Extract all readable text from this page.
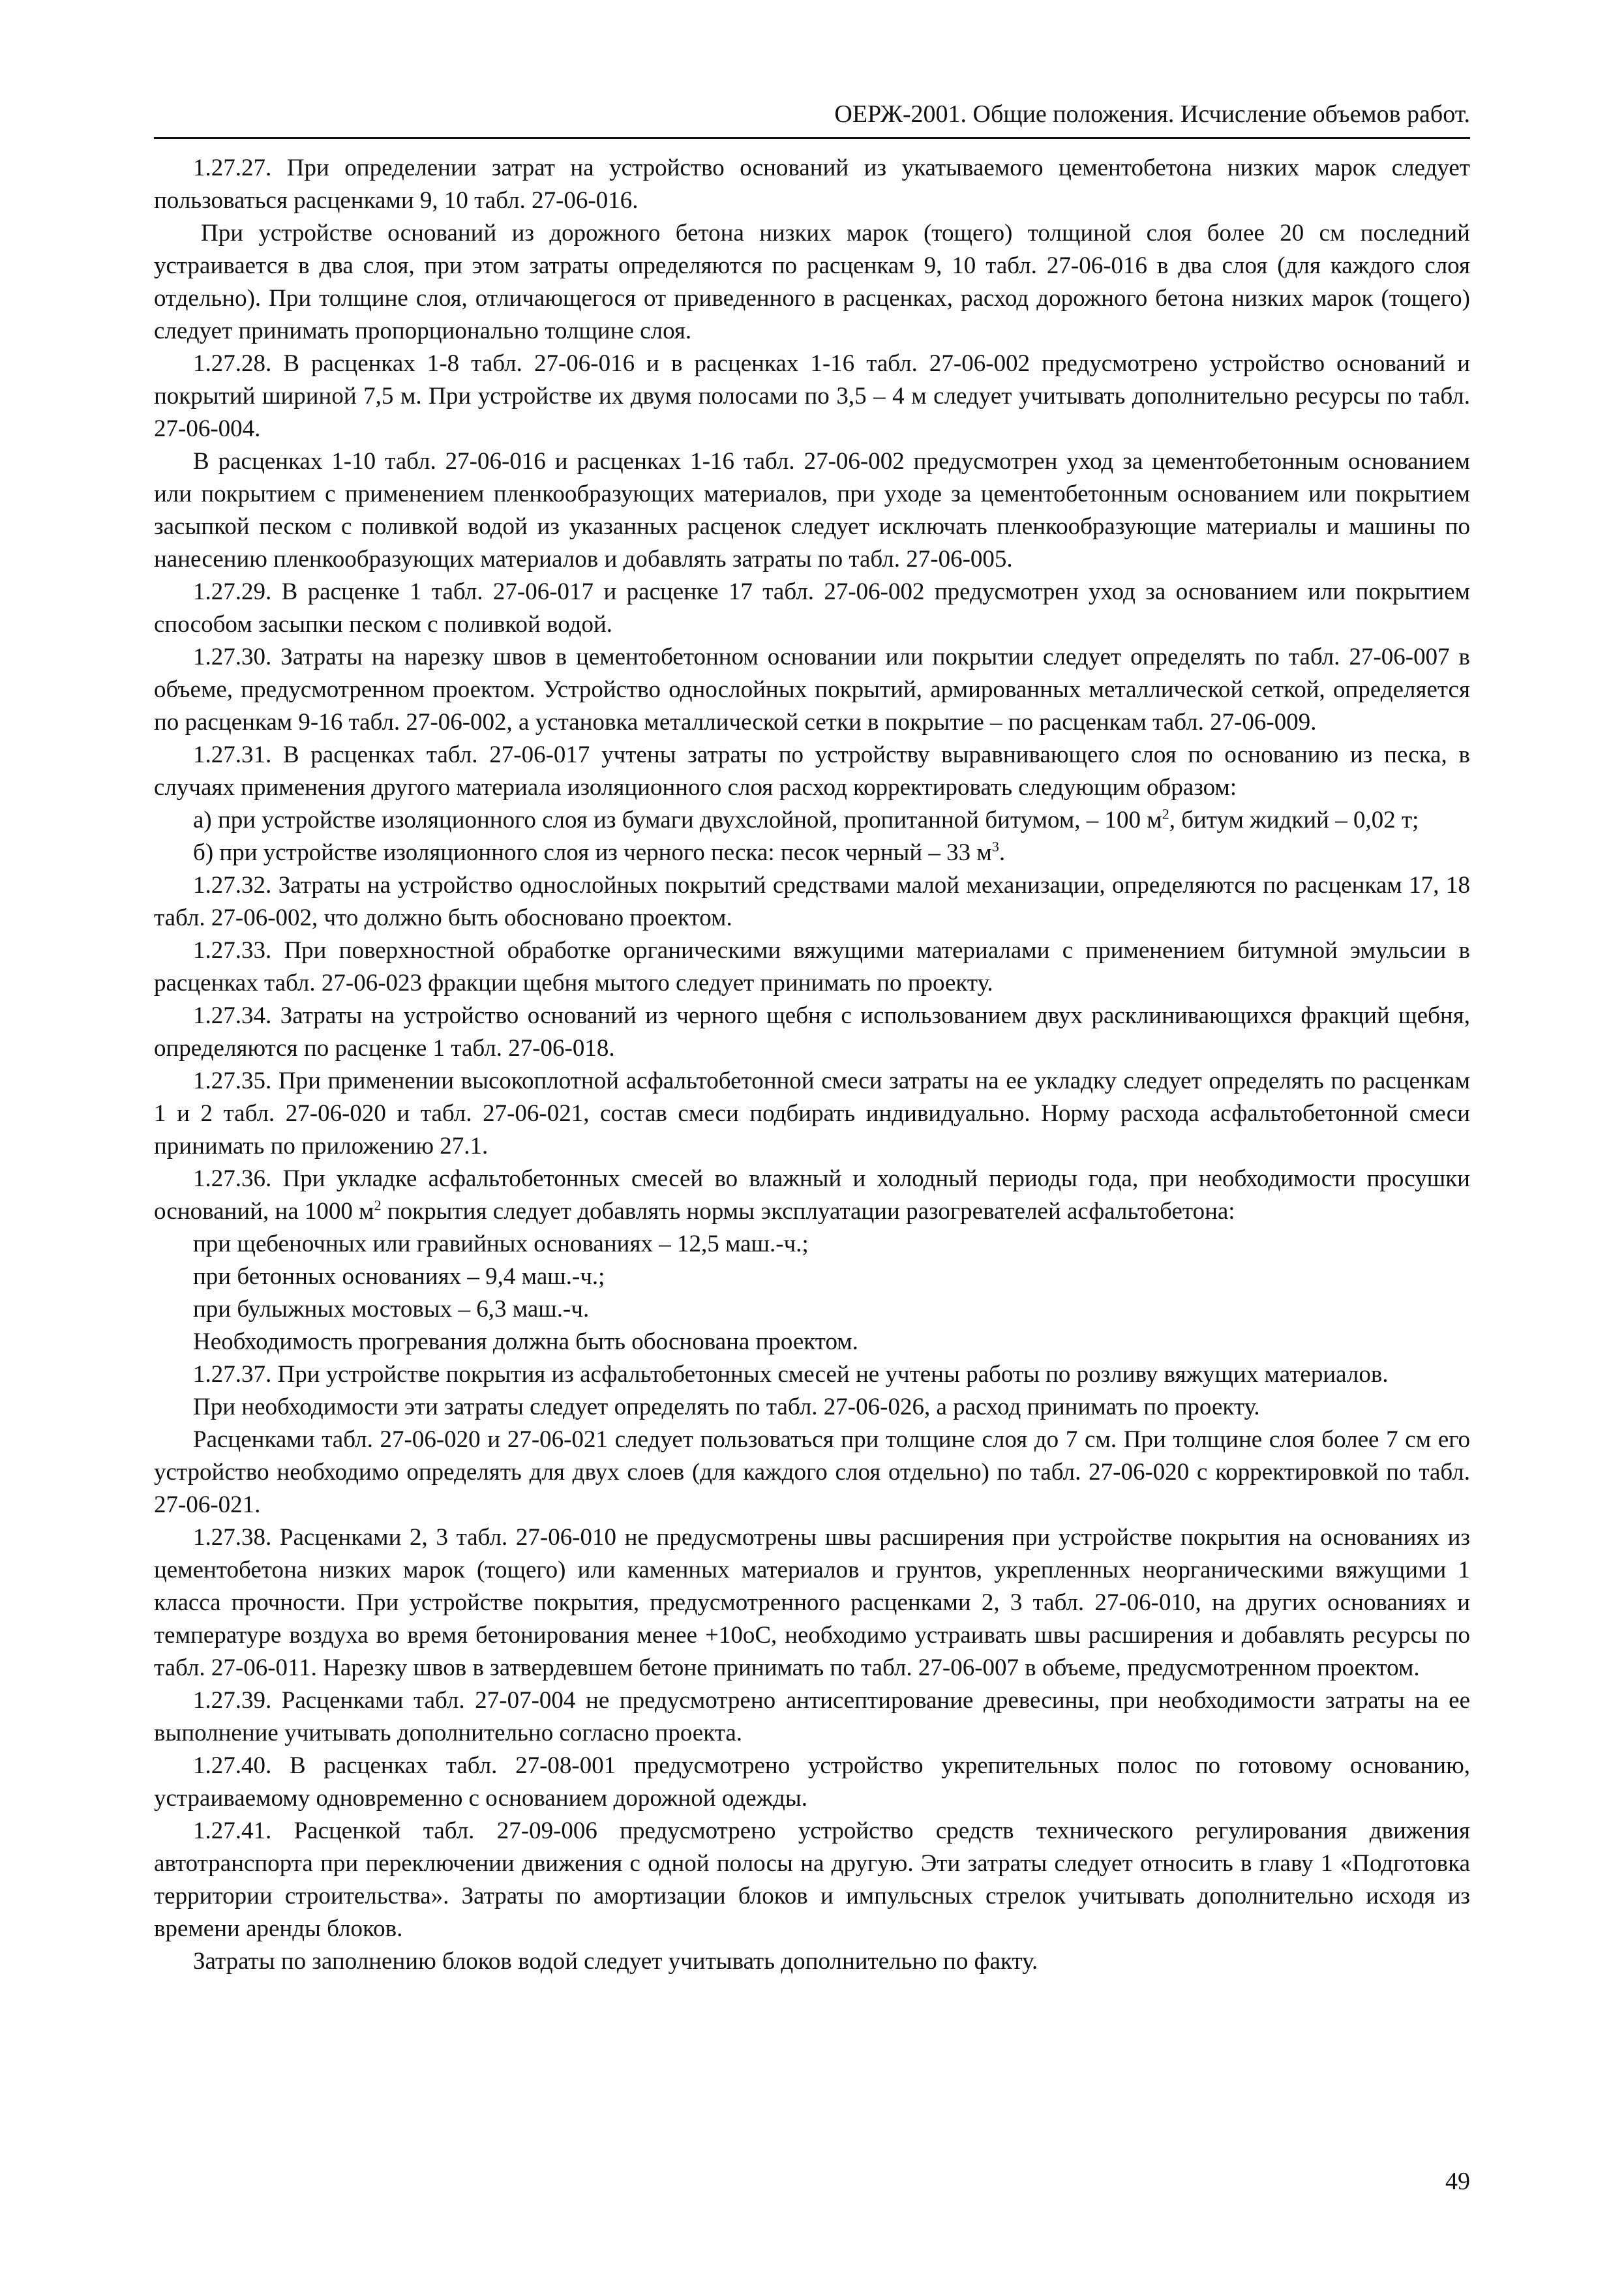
ОЕРЖ-2001. Общие положения. Исчисление объемов работ.

1.27.27. При определении затрат на устройство оснований из укатываемого цементобетона низких марок следует пользоваться расценками 9, 10 табл. 27-06-016.

При устройстве оснований из дорожного бетона низких марок (тощего) толщиной слоя более 20 см последний устраивается в два слоя, при этом затраты определяются по расценкам 9, 10 табл. 27-06-016 в два слоя (для каждого слоя отдельно). При толщине слоя, отличающегося от приведенного в расценках, расход дорожного бетона низких марок (тощего) следует принимать пропорционально толщине слоя.

1.27.28. В расценках 1-8 табл. 27-06-016 и в расценках 1-16 табл. 27-06-002 предусмотрено устройство оснований и покрытий шириной 7,5 м. При устройстве их двумя полосами по 3,5 – 4 м следует учитывать дополнительно ресурсы по табл. 27-06-004.

В расценках 1-10 табл. 27-06-016 и расценках 1-16 табл. 27-06-002 предусмотрен уход за цементобетонным основанием или покрытием с применением пленкообразующих материалов, при уходе за цементобетонным основанием или покрытием засыпкой песком с поливкой водой из указанных расценок следует исключать пленкообразующие материалы и машины по нанесению пленкообразующих материалов и добавлять затраты по табл. 27-06-005.

1.27.29. В расценке 1 табл. 27-06-017 и расценке 17 табл. 27-06-002 предусмотрен уход за основанием или покрытием способом засыпки песком с поливкой водой.

1.27.30. Затраты на нарезку швов в цементобетонном основании или покрытии следует определять по табл. 27-06-007 в объеме, предусмотренном проектом. Устройство однослойных покрытий, армированных металлической сеткой, определяется по расценкам 9-16 табл. 27-06-002, а установка металлической сетки в покрытие – по расценкам табл. 27-06-009.

1.27.31. В расценках табл. 27-06-017 учтены затраты по устройству выравнивающего слоя по основанию из песка, в случаях применения другого материала изоляционного слоя расход корректировать следующим образом:

а) при устройстве изоляционного слоя из бумаги двухслойной, пропитанной битумом, – 100 $м^2$, битум жидкий – 0,02 т;

б) при устройстве изоляционного слоя из черного песка: песок черный – 33 $м^3$.

1.27.32. Затраты на устройство однослойных покрытий средствами малой механизации, определяются по расценкам 17, 18 табл. 27-06-002, что должно быть обосновано проектом.

1.27.33. При поверхностной обработке органическими вяжущими материалами с применением битумной эмульсии в расценках табл. 27-06-023 фракции щебня мытого следует принимать по проекту.

1.27.34. Затраты на устройство оснований из черного щебня с использованием двух расклинивающихся фракций щебня, определяются по расценке 1 табл. 27-06-018.

1.27.35. При применении высокоплотной асфальтобетонной смеси затраты на ее укладку следует определять по расценкам 1 и 2 табл. 27-06-020 и табл. 27-06-021, состав смеси подбирать индивидуально. Норму расхода асфальтобетонной смеси принимать по приложению 27.1.

1.27.36. При укладке асфальтобетонных смесей во влажный и холодный периоды года, при необходимости просушки оснований, на 1000 $м^2$ покрытия следует добавлять нормы эксплуатации разогревателей асфальтобетона:

при щебеночных или гравийных основаниях – 12,5 маш.-ч.;

при бетонных основаниях – 9,4 маш.-ч.;

при булыжных мостовых – 6,3 маш.-ч.

Необходимость прогревания должна быть обоснована проектом.

1.27.37. При устройстве покрытия из асфальтобетонных смесей не учтены работы по розливу вяжущих материалов.

При необходимости эти затраты следует определять по табл. 27-06-026, а расход принимать по проекту.

Расценками табл. 27-06-020 и 27-06-021 следует пользоваться при толщине слоя до 7 см. При толщине слоя более 7 см его устройство необходимо определять для двух слоев (для каждого слоя отдельно) по табл. 27-06-020 с корректировкой по табл. 27-06-021.

1.27.38. Расценками 2, 3 табл. 27-06-010 не предусмотрены швы расширения при устройстве покрытия на основаниях из цементобетона низких марок (тощего) или каменных материалов и грунтов, укрепленных неорганическими вяжущими 1 класса прочности. При устройстве покрытия, предусмотренного расценками 2, 3 табл. 27-06-010, на других основаниях и температуре воздуха во время бетонирования менее +10оС, необходимо устраивать швы расширения и добавлять ресурсы по табл. 27-06-011. Нарезку швов в затвердевшем бетоне принимать по табл. 27-06-007 в объеме, предусмотренном проектом.

1.27.39. Расценками табл. 27-07-004 не предусмотрено антисептирование древесины, при необходимости затраты на ее выполнение учитывать дополнительно согласно проекта.

1.27.40. В расценках табл. 27-08-001 предусмотрено устройство укрепительных полос по готовому основанию, устраиваемому одновременно с основанием дорожной одежды.

1.27.41. Расценкой табл. 27-09-006 предусмотрено устройство средств технического регулирования движения автотранспорта при переключении движения с одной полосы на другую. Эти затраты следует относить в главу 1 «Подготовка территории строительства». Затраты по амортизации блоков и импульсных стрелок учитывать дополнительно исходя из времени аренды блоков.

Затраты по заполнению блоков водой следует учитывать дополнительно по факту.

49
